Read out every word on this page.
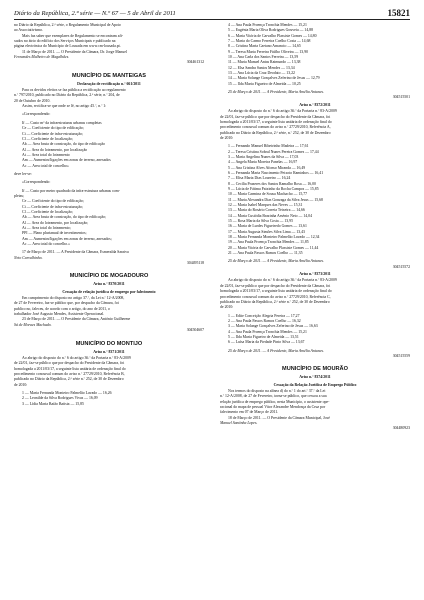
Diário da República, 2.ª série — N.º 67 — 5 de Abril de 2011	15821

no Diário da República, 2.ª série, o Regulamento Municipal de Apoio

ao Associativismo.

Mais faz saber que exemplares de Regulamento se encontram afi-

xados no átrio do edifício dos Serviços Municipais e publicado na

página electrónica do Município de Lousada em www.cm-lousada.pt.

11 de Março de 2011. — O Presidente da Câmara, Dr. Jorge Manuel

Fernandes Malheiro de Magalhães.

304461312

MUNICÍPIO DE MANTEIGAS
Declaração de rectificação n.º 661/2011

Para os devidos efeitos se faz pública a rectificação ao regulamento

n.º 797/2010, publicado no Diário da República, 2.ª série, n.º 204, de

20 de Outubro de 2010.

Assim, rectifica-se que onde se lê, no artigo 45.º, n.º 1:

«Correspondendo:

If — Custo m² da infraestruturas urbanas completas

Ce — Coeficiente do tipo de edificação;

Ci — Coeficiente de infra-estruturação;

Cl — Coeficiente de localização;

Ab — Área bruta de construção, do tipo de edificação

Al — Área do loteamento, por localização

At — Área total do loteamento

Am — Aumentos/ligações em zonas de terreno, anexados

Ac — Área total de concelho»

deve ler-se:

«Correspondendo:

If — Custo por metro quadrado da infra-estrutura urbanas com-

pletas;

Ce — Coeficiente do tipo de edificação;

Ci — Coeficiente de infra-estruturação;

Cl — Coeficiente de localização;

Ab — Área bruta de construção, do tipo de edificação;

Al — Área do loteamento, por localização;

At — Área total do loteamento;

PPI — Plano plurianual de investimentos;

Am — Aumentos/ligações em zonas de terreno, anexados;

Ac — Área total do concelho.»

17 de Março de 2011. — A Presidente da Câmara, Esmeralda Saraiva

Neto Carvalhinho.

304495118

MUNICÍPIO DE MOGADOURO
Aviso n.º 8370/2011
Cessação de relação jurídica de emprego por falecimento

Em cumprimento do disposto no artigo 37.º, da Lei n.º 12-A/2008,

de 27 de Fevereiro, faz-se público que, por despacho da Câmara, foi

publico no, faleceu, de acordo com o artigo, do ano de 2011, o

trabalhador José Augusto Mendes, Assistente Operacional.

23 de Março de 2011. — O Presidente da Câmara, António Guilherme

Sá de Moraes Machado.

304504607

MUNICÍPIO DO MONTIJO
Aviso n.º 8371/2011

Ao abrigo do disposto do n.º 6 do artigo 36.º da Portaria n.º 83-A/2009

de 22/01, faz-se público que por despacho do Presidente da Câmara, foi

homologada a 2011/03/17, a seguinte lista unitária de ordenação final do

procedimento concursal comum do aviso n.º 27729/2010, Referência B,

publicado no Diário da República, 2.ª série n.º 252, de 30 de Dezembro

de 2010:

1 — Maria Fernanda Monteiro Palmelão Lavado — 16,26

2 — Leonilde da Silva Rodrigues Vivas — 16,09

3 — Lídia Maria Baião Batista — 15,85

4 — Ana Paula Proença Tronchia Mendes — 15,21

5 — Eugénia Maria Oliva Rodrigues Gouveia — 14,88

6 — Maria Vitória de Carvalho Plassiste Gomes — 14,80

7 — Maria do Carmo Ferreira Coelho Costa — 14,68

8 — Cristina Maria Caetano Amancio — 14,65

9 — Teresa Maria Ferreira Fiúfho Oliveira — 13,90

10 — Ana Carla dos Santos Ferreira — 13,59

11 — Maria Manuel Antas Raimundo — 13,38

12 — Elsa Sandra Santos Mendes — 13,34

13 — Ana Lúcia da Cruz Deodato — 13,22

14 — Maria Solange Gonçalves Zeferino de Jesus — 12,79

15 — Ilda Maria Figueiro de Almeida — 10,25

25 de Março de 2011. — A Presidente, Maria Amélia Antunes.

304515501

Aviso n.º 8372/2011

Ao abrigo do disposto do n.º 6 do artigo 36.º da Portaria n.º 83-A/2009

de 22/01, faz-se público que por despacho do Presidente da Câmara, foi

homologada a 2011/03/17, a seguinte lista unitária de ordenação final do

procedimento concursal comum do aviso n.º 27729/2010, Referência A,

publicado no Diário da República, 2.ª série, n.º 252, de 30 de Dezembro

de 2010:

1 — Fernando Manuel Ribeirinho Madeira — 17,61

2 — Teresa Cristina Sobral Nunes Pereira Gomes — 17,44

3 — Maria Angelina Nunes da Silva — 17,03

4 — Angela Maria Moreira Panelas — 16,97

5 — Ana Cristina Alves Afonso Miranda — 16,49

6 — Fernanda Maria Nascimento Peixoto Raminhos — 16,41

7 — Elisa Maria Dias Loureiro — 16,24

8 — Cecília Prazeres dos Santos Ramalho Rosa — 16,00

9 — Lúcia de Fátima Paixinho da Rocha Campos — 15,85

10 — Maria Carmina de Sousa Machacho — 15,77

11 — Maria Alexandra Dias Gonzaga da Silva Jesus — 15,68

12 — Maria Isabel Marques das Neves — 15,31

13 — Maria do Rosário Correia Teixeira — 14,66

14 — Maria Custódia Brazinha Arsénio Neto — 14,04

15 — Rosa Maria da Silva Costa — 13,95

16 — Maria de Lurdes Figueiredo Gomes — 13,61

17 — Maria Augusta Simões Silva Lima — 13,43

18 — Maria Fernanda Monteiro Palmelão Lavado — 12,34

19 — Ana Paula Proença Tronchia Mendes — 11,85

20 — Maria Vitória de Carvalho Plassiste Gomes — 11,44

21 — Ana Paula Passos Ramos Coelho — 11,35

25 de Março de 2011. — A Presidente, Maria Amélia Antunes.

304515572

Aviso n.º 8373/2011

Ao abrigo do disposto do n.º 6 do artigo 36.º da Portaria n.º 83-A/2009

de 22/01, faz-se público que por despacho do Presidente da Câmara, foi

homologada a 2011/03/17, a seguinte lista unitária de ordenação final do

procedimento concursal comum do aviso n.º 27729/2010, Referência C,

publicado no Diário da República, 2.ª série n.º 252, de 30 de Dezembro

de 2010:

1 — Edite Conceição Alegria Pereira — 17,27

2 — Ana Paula Passos Ramos Coelho — 16,32

3 — Maria Solange Gonçalves Zeferino de Jesus — 16,63

4 — Ana Paula Proença Tronchia Mendes — 15,21

5 — Ilda Maria Figueiro de Almeida — 13,51

6 — Luísa Maria da Piedade Pinto Silva — 13,67

25 de Março de 2011. — A Presidente, Maria Amélia Antunes.

304515559

MUNICÍPIO DE MOURÃO
Aviso n.º 8374/2011
Cessação da Relação Jurídica de Emprego Público

Nos termos do disposto na alínea d) do n.º 1 do art.º 37.º da Lei

n.º 12-A/2008, de 27 de Fevereiro, torna-se público, que cessou a sua

relação jurídica de emprego público, nesta Município, o assistente ope-

racional do mapa de pessoal Vitor Alexandre Mendonça da Cruz por

falecimento em 07 de Março de 2011.

18 de Março de 2011. — O Presidente da Câmara Municipal, José

Manuel Santinha Lopes.

304480923
